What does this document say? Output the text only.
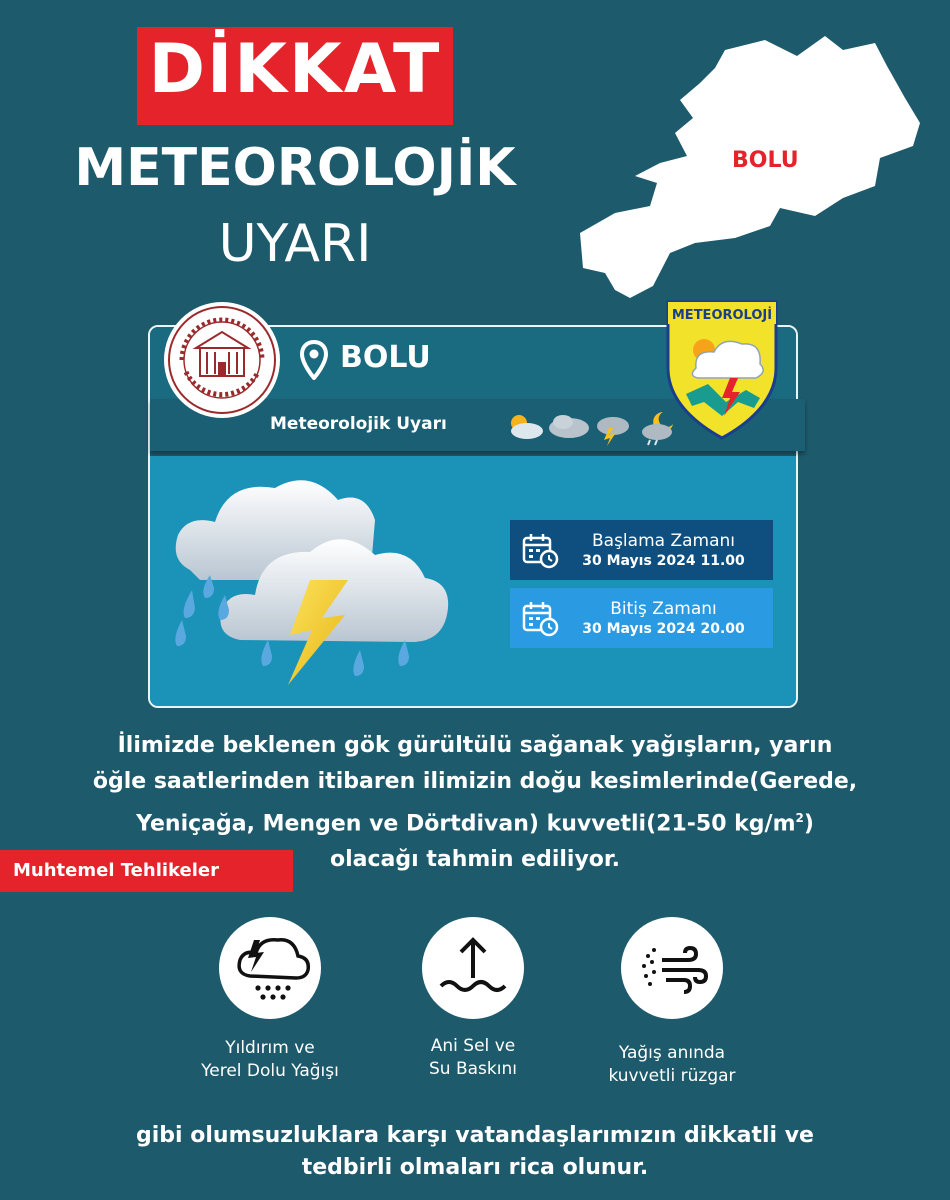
DİKKAT
METEOROLOJİK
UYARI
BOLU
BOLU
METEOROLOJİ
Meteorolojik Uyarı
Başlama Zamanı
30 Mayıs 2024 11.00
Bitiş Zamanı
30 Mayıs 2024 20.00
İlimizde beklenen gök gürültülü sağanak yağışların, yarın
öğle saatlerinden itibaren ilimizin doğu kesimlerinde(Gerede,
Yeniçağa, Mengen ve Dörtdivan) kuvvetli(21-50 $kg/m^2$)
olacağı tahmin ediliyor.
Muhtemel Tehlikeler
Yıldırım ve
Yerel Dolu Yağışı
Ani Sel ve
Su Baskını
Yağış anında
kuvvetli rüzgar
gibi olumsuzluklara karşı vatandaşlarımızın dikkatli ve
tedbirli olmaları rica olunur.
